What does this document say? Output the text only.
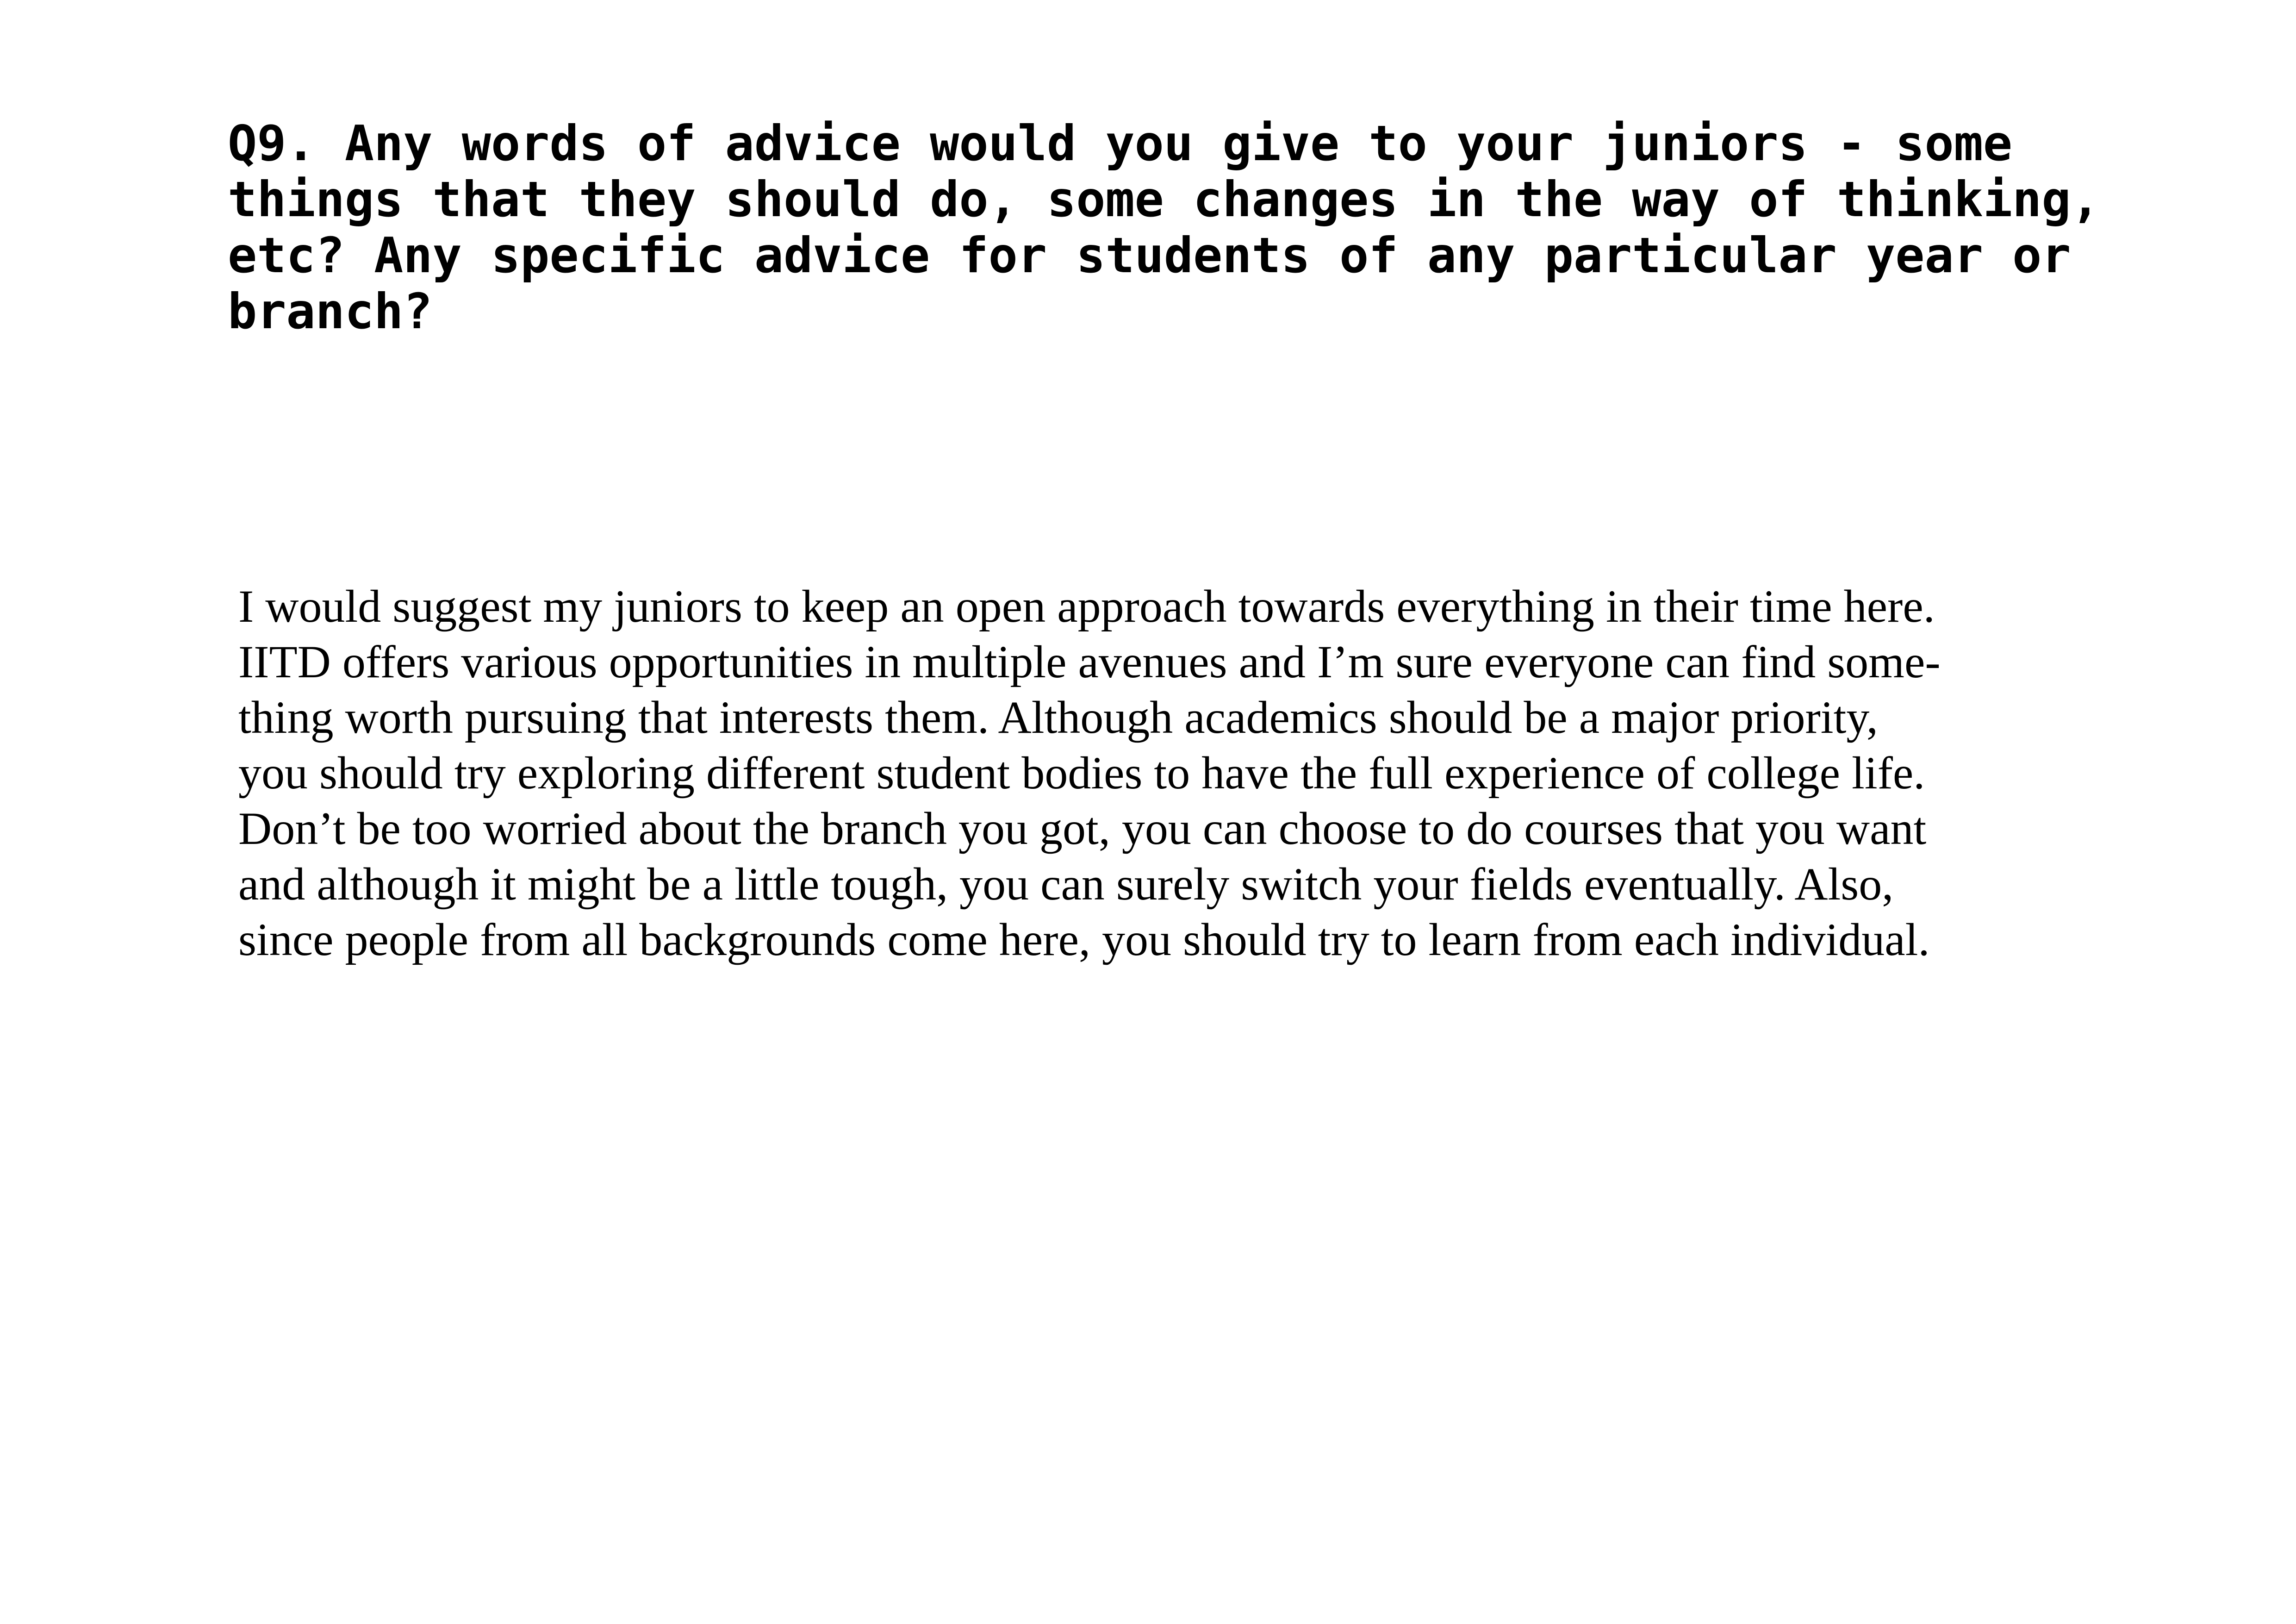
Q9. Any words of advice would you give to your juniors - some
things that they should do, some changes in the way of thinking,
etc? Any specific advice for students of any particular year or
branch?
I would suggest my juniors to keep an open approach towards everything in their time here.
IITD offers various opportunities in multiple avenues and I’m sure everyone can find some-
thing worth pursuing that interests them. Although academics should be a major priority,
you should try exploring different student bodies to have the full experience of college life.
Don’t be too worried about the branch you got, you can choose to do courses that you want
and although it might be a little tough, you can surely switch your fields eventually. Also,
since people from all backgrounds come here, you should try to learn from each individual.
